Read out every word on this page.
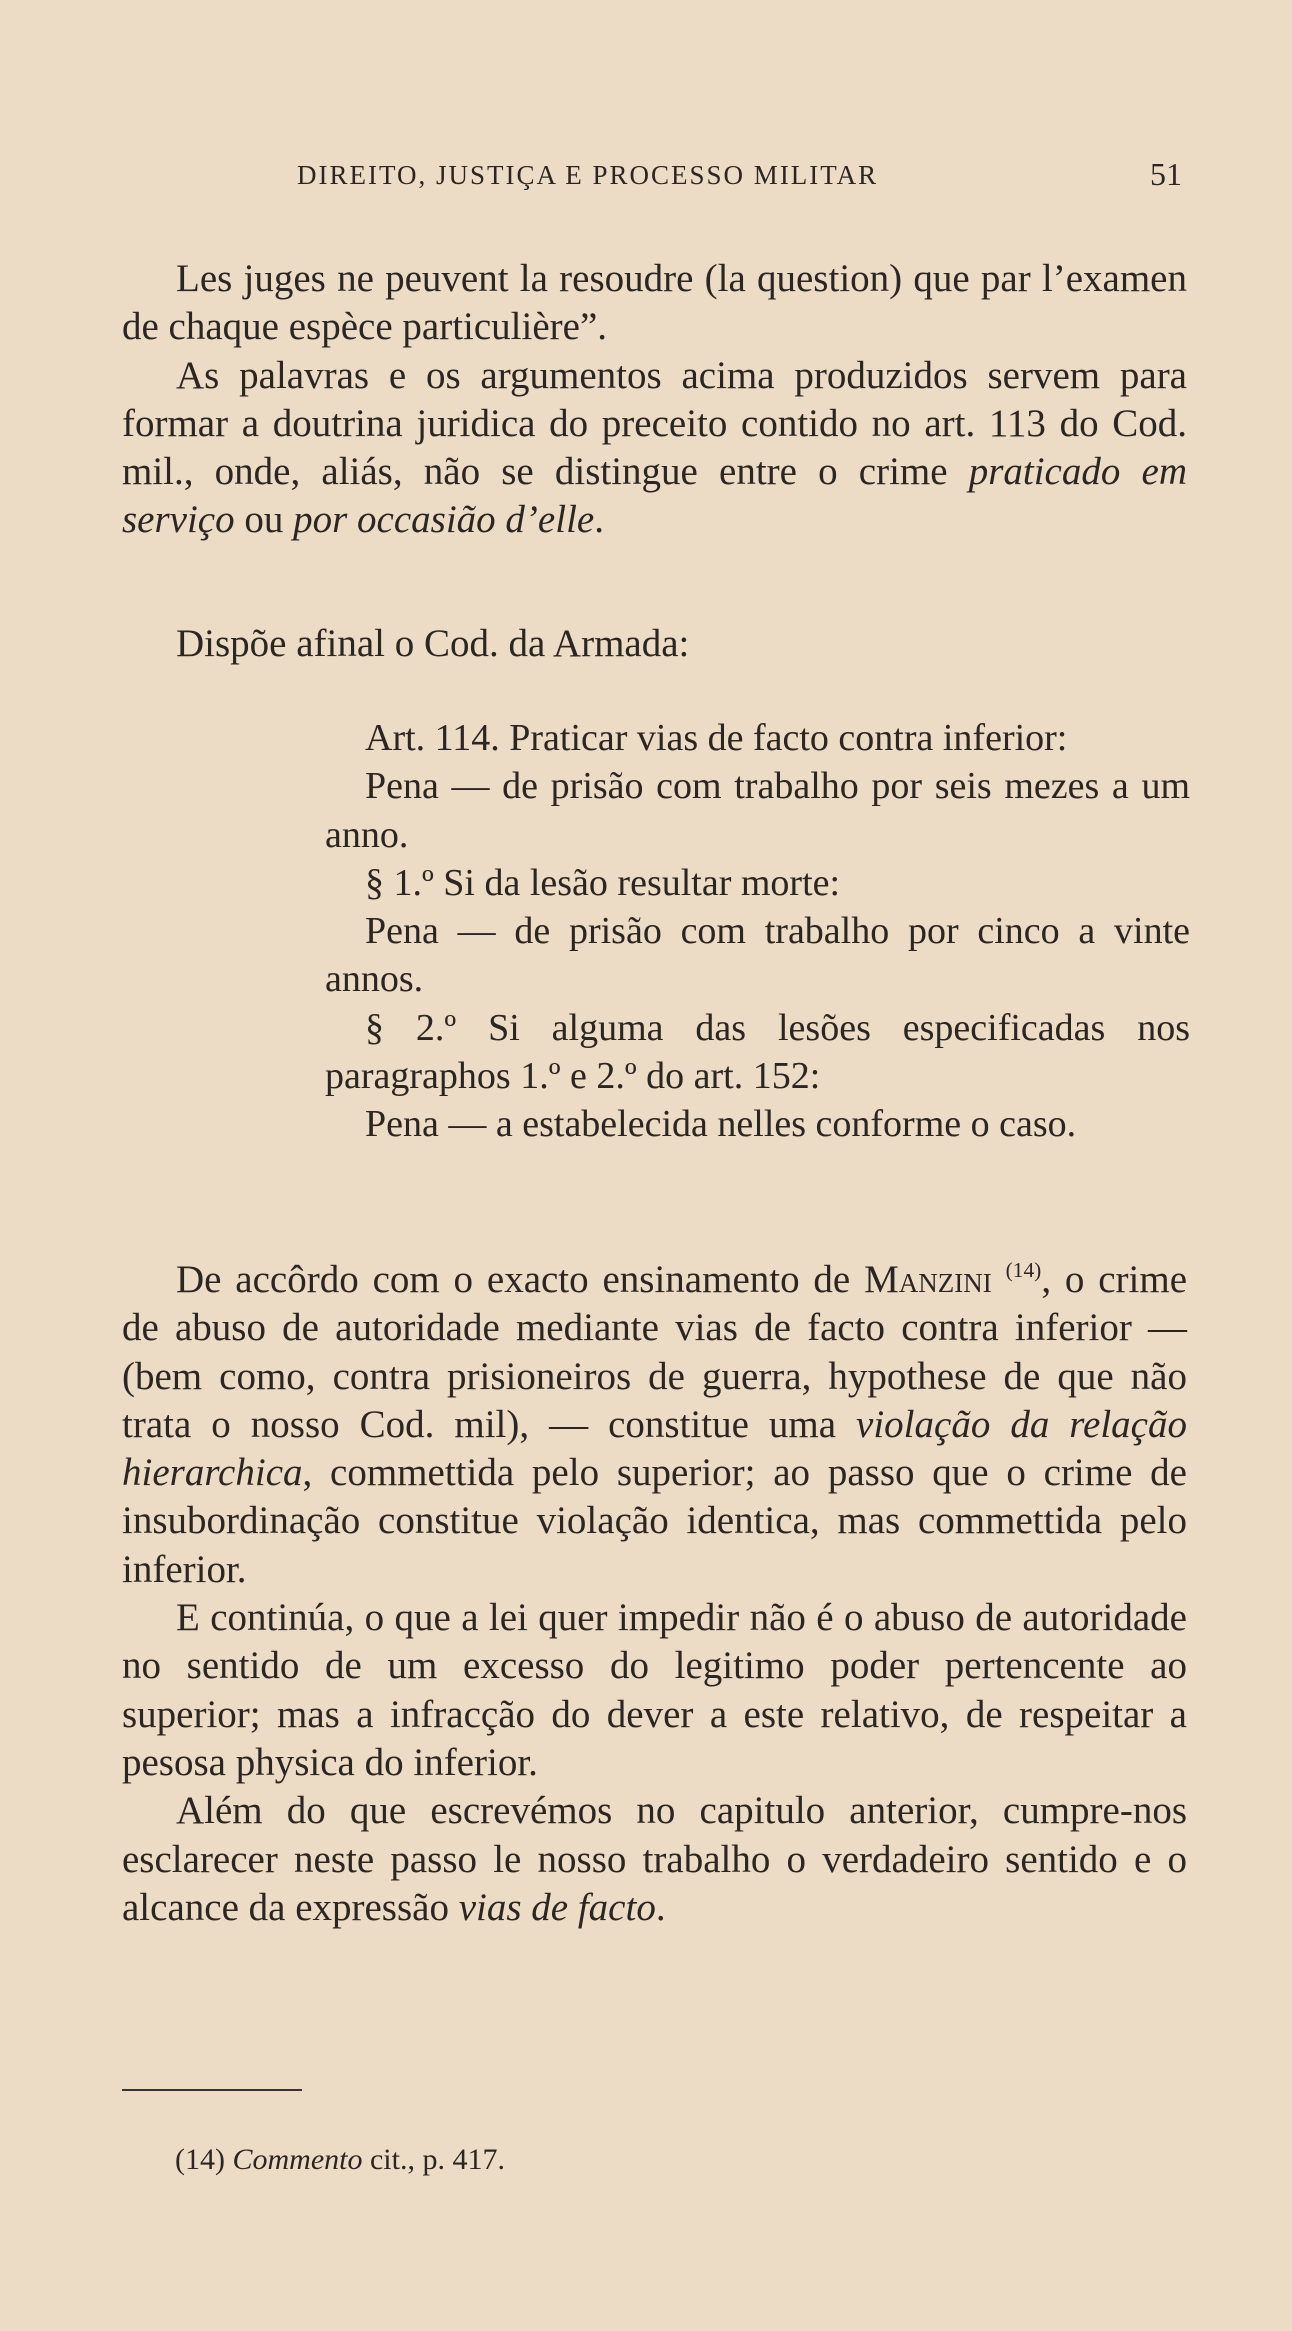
DIREITO, JUSTIÇA E PROCESSO MILITAR	51

Les juges ne peuvent la resoudre (la question) que par l’examen de chaque espèce particulière”.

As palavras e os argumentos acima produzidos servem para formar a doutrina juridica do preceito contido no art. 113 do Cod. mil., onde, aliás, não se distingue entre o crime praticado em serviço ou por occasião d’elle.

Dispõe afinal o Cod. da Armada:

Art. 114. Praticar vias de facto contra inferior:

Pena — de prisão com trabalho por seis mezes a um anno.

§ 1.º Si da lesão resultar morte:

Pena — de prisão com trabalho por cinco a vinte annos.

§ 2.º Si alguma das lesões especificadas nos paragraphos 1.º e 2.º do art. 152:

Pena — a estabelecida nelles conforme o caso.

De accôrdo com o exacto ensinamento de Manzini $^{(14)}$, o crime de abuso de autoridade mediante vias de facto contra inferior — (bem como, contra prisioneiros de guerra, hypothese de que não trata o nosso Cod. mil), — constitue uma violação da relação hierarchica, commettida pelo superior; ao passo que o crime de insubordinação constitue violação identica, mas commettida pelo inferior.

E continúa, o que a lei quer impedir não é o abuso de autoridade no sentido de um excesso do legitimo poder pertencente ao superior; mas a infracção do dever a este relativo, de respeitar a pesosa physica do inferior.

Além do que escrevémos no capitulo anterior, cumpre-nos esclarecer neste passo le nosso trabalho o verdadeiro sentido e o alcance da expressão vias de facto.

(14) Commento cit., p. 417.
